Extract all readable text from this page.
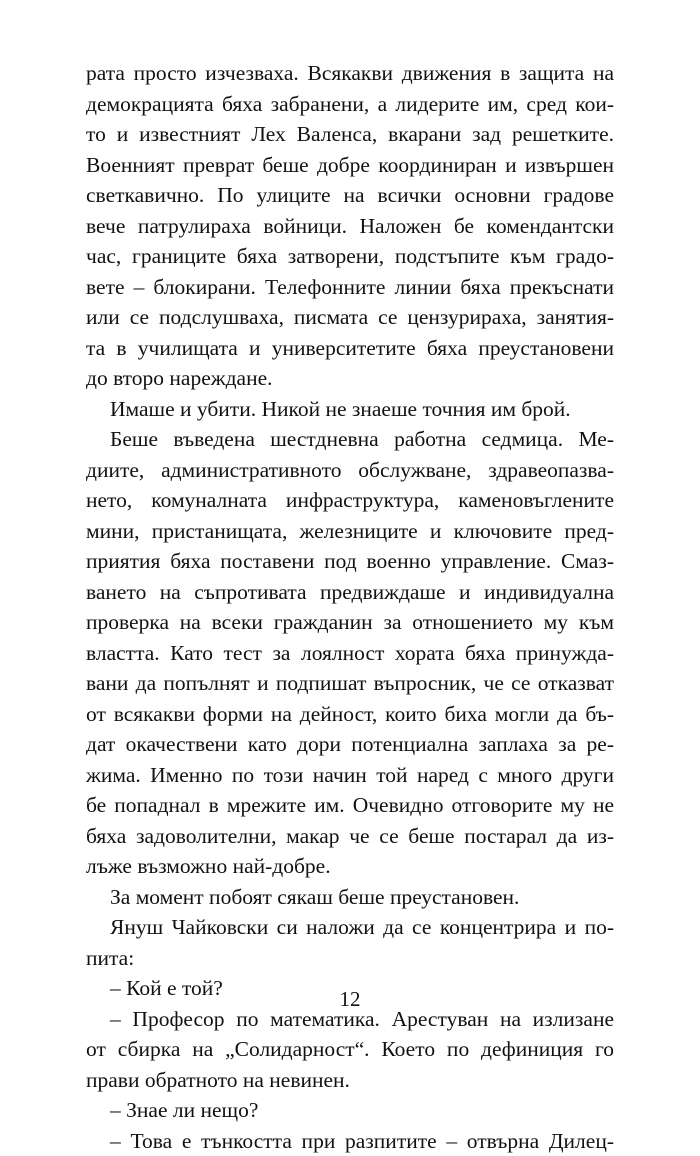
рата просто изчезваха. Всякакви движения в защита на
демокрацията бяха забранени, а лидерите им, сред кои-
то и известният Лех Валенса, вкарани зад решетките.
Военният преврат беше добре координиран и извършен
светкавично. По улиците на всички основни градове
вече патрулираха войници. Наложен бе комендантски
час, границите бяха затворени, подстъпите към градо-
вете – блокирани. Телефонните линии бяха прекъснати
или се подслушваха, писмата се цензурираха, занятия-
та в училищата и университетите бяха преустановени
до второ нареждане.
Имаше и убити. Никой не знаеше точния им брой.
Беше въведена шестдневна работна седмица. Ме-
диите, административното обслужване, здравеопазва-
нето, комуналната инфраструктура, каменовъглените
мини, пристанищата, железниците и ключовите пред-
приятия бяха поставени под военно управление. Смаз-
ването на съпротивата предвиждаше и индивидуална
проверка на всеки гражданин за отношението му към
властта. Като тест за лоялност хората бяха принуждa-
вани да попълнят и подпишат въпросник, че се отказват
от всякакви форми на дейност, които биха могли да бъ-
дат окачествени като дори потенциална заплаха за ре-
жима. Именно по този начин той наред с много други
бе попаднал в мрежите им. Очевидно отговорите му не
бяха задоволителни, макар че се беше постарал да из-
лъже възможно най-добре.
За момент побоят сякаш беше преустановен.
Януш Чайковски си наложи да се концентрира и по-
пита:
– Кой е той?
– Професор по математика. Арестуван на излизане
от сбирка на „Солидарност“. Което по дефиниция го
прави обратното на невинен.
– Знае ли нещо?
– Това е тънкостта при разпитите – отвърна Дилец-
12
